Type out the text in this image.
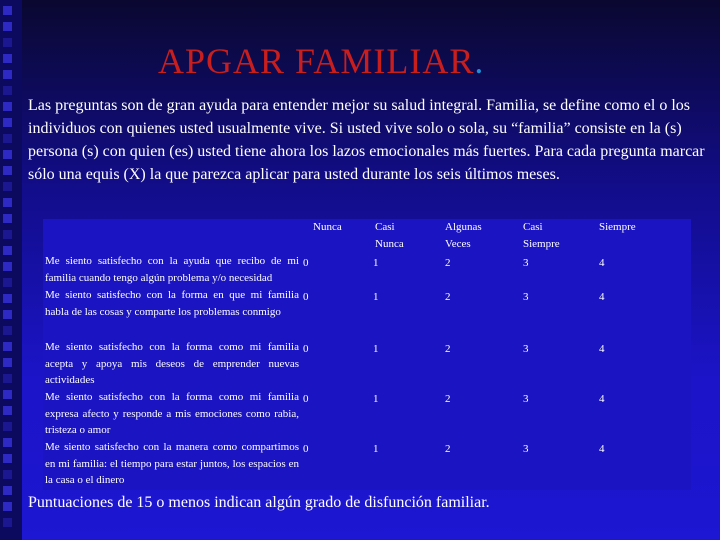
APGAR FAMILIAR.
Las preguntas son de gran ayuda para entender mejor su salud integral. Familia, se define como el o los individuos con quienes usted usualmente vive. Si usted vive solo o sola, su “familia” consiste en la (s) persona (s) con quien (es) usted tiene ahora los lazos emocionales más fuertes. Para cada pregunta marcar sólo una equis (X) la que parezca aplicar para usted durante los seis últimos meses.
	Nunca	Casi Nunca	Algunas Veces	Casi Siempre	Siempre
Me siento satisfecho con la ayuda que recibo de mi familia cuando tengo algún problema y/o necesidad	0	1	2	3	4
Me siento satisfecho con la forma en que mi familia habla de las cosas y comparte los problemas conmigo	0	1	2	3	4
Me siento satisfecho con la forma como mi familia acepta y apoya mis deseos de emprender nuevas actividades	0	1	2	3	4
Me siento satisfecho con la forma como mi familia expresa afecto y responde a mis emociones como rabia, tristeza o amor	0	1	2	3	4
Me siento satisfecho con la manera como compartimos en mi familia: el tiempo para estar juntos, los espacios en la casa o el dinero	0	1	2	3	4
Puntuaciones de 15 o menos indican algún grado de disfunción familiar.
